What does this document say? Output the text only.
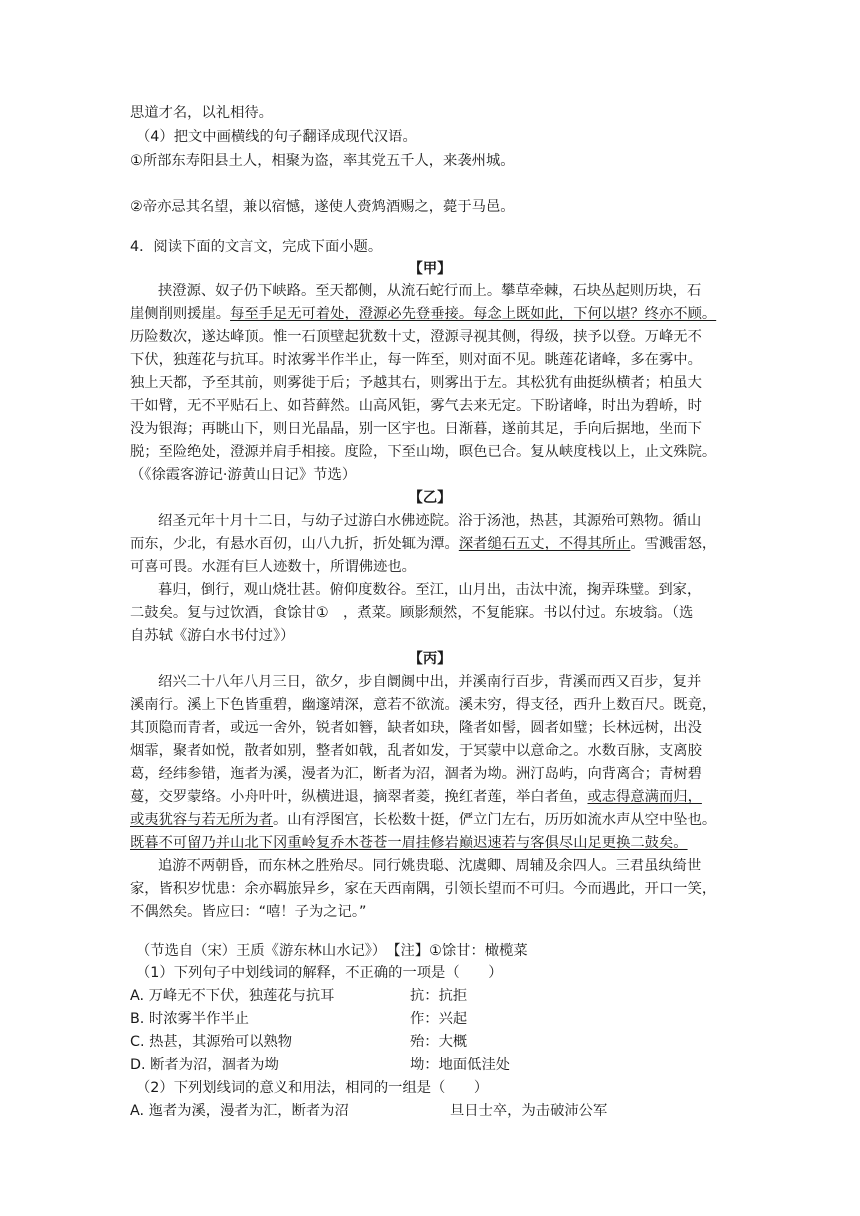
思道才名，以礼相待。
（4）把文中画横线的句子翻译成现代汉语。
①所部东寿阳县土人，相聚为盗，率其党五千人，来袭州城。
②帝亦忌其名望，兼以宿憾，遂使人赍鸩酒赐之，薨于马邑。
4．阅读下面的文言文，完成下面小题。
【甲】
挟澄源、奴子仍下峡路。至天都侧，从流石蛇行而上。攀草牵棘，石块丛起则历块，石
崖侧削则援崖。每至手足无可着处，澄源必先登垂接。每念上既如此，下何以堪？终亦不顾。
历险数次，遂达峰顶。惟一石顶壁起犹数十丈，澄源寻视其侧，得级，挟予以登。万峰无不
下伏，独莲花与抗耳。时浓雾半作半止，每一阵至，则对面不见。眺莲花诸峰，多在雾中。
独上天都，予至其前，则雾徙于后；予越其右，则雾出于左。其松犹有曲挺纵横者；柏虽大
干如臂，无不平贴石上、如苔藓然。山高风钜，雾气去来无定。下盼诸峰，时出为碧峤，时
没为银海；再眺山下，则日光晶晶，别一区宇也。日渐暮，遂前其足，手向后据地，坐而下
脱；至险绝处，澄源并肩手相接。度险，下至山坳，暝色已合。复从峡度栈以上，止文殊院。
（《徐霞客游记·游黄山日记》节选）
【乙】
绍圣元年十月十二日，与幼子过游白水佛迹院。浴于汤池，热甚，其源殆可熟物。循山
而东，少北，有悬水百仞，山八九折，折处辄为潭。深者缒石五丈，不得其所止。雪溅雷怒，
可喜可畏。水涯有巨人迹数十，所谓佛迹也。
暮归，倒行，观山烧壮甚。俯仰度数谷。至江，山月出，击汰中流，掬弄珠璧。到家，
二鼓矣。复与过饮酒，食馀甘①　，煮菜。顾影颓然，不复能寐。书以付过。东坡翁。（选
自苏轼《游白水书付过》）
【丙】
绍兴二十八年八月三日，欲夕，步自阛阓中出，并溪南行百步，背溪而西又百步，复并
溪南行。溪上下色皆重碧，幽邃靖深，意若不欲流。溪未穷，得支径，西升上数百尺。既竟，
其顶隐而青者，或远一舍外，锐者如簪，缺者如玦，隆者如髻，圆者如璧；长林远树，出没
烟霏，聚者如悦，散者如别，整者如戟，乱者如发，于冥蒙中以意命之。水数百脉，支离胶
葛，经纬参错，迤者为溪，漫者为汇，断者为沼，涸者为坳。洲汀岛屿，向背离合；青树碧
蔓，交罗蒙络。小舟叶叶，纵横进退，摘翠者菱，挽红者莲，举白者鱼，或志得意满而归，
或夷犹容与若无所为者。山有浮图宫，长松数十挺，俨立门左右，历历如流水声从空中坠也。
既暮不可留乃并山北下冈重岭复乔木苍苍一眉挂修岩巅迟速若与客俱尽山足更换二鼓矣。
追游不两朝昏，而东林之胜殆尽。同行姚贵聪、沈虞卿、周辅及余四人。三君虽纨绮世
家，皆积岁忧患：余亦羁旅异乡，家在天西南隅，引领长望而不可归。今而遇此，开口一笑，
不偶然矣。皆应曰：“嘻！子为之记。”
（节选自（宋）王质《游东林山水记》）　【注】①馀甘：橄榄菜
（1）下列句子中划线词的解释，不正确的一项是（　　）
A. 万峰无不下伏，独莲花与抗耳	抗：抗拒
B. 时浓雾半作半止	作：兴起
C. 热甚，其源殆可以熟物	殆：大概
D. 断者为沼，涸者为坳	坳：地面低洼处
（2）下列划线词的意义和用法，相同的一组是（　　）
A. 迤者为溪，漫者为汇，断者为沼	旦日士卒，为击破沛公军
